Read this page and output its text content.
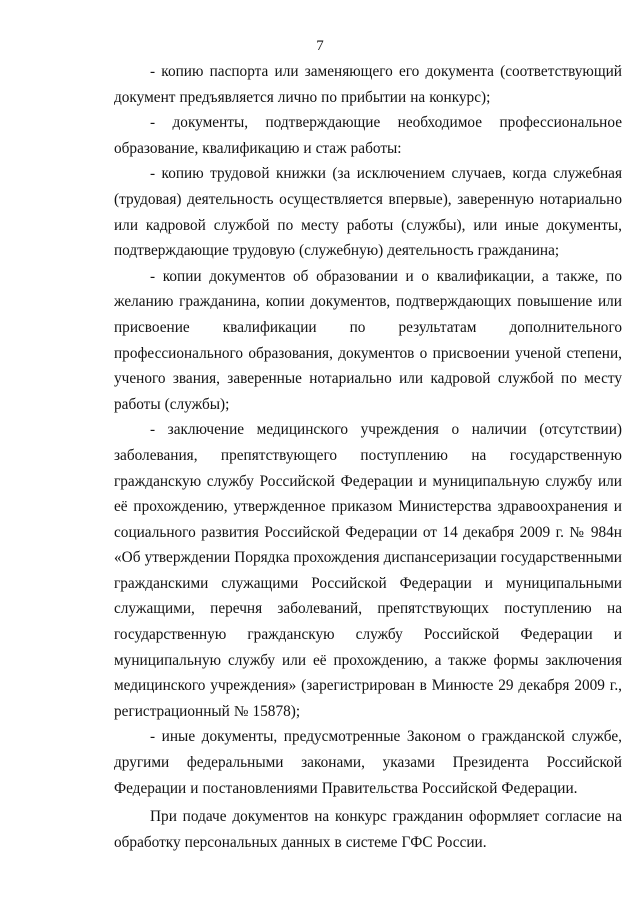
7

- копию паспорта или заменяющего его документа (соответствующий документ предъявляется лично по прибытии на конкурс);

- документы, подтверждающие необходимое профессиональное образование, квалификацию и стаж работы:

- копию трудовой книжки (за исключением случаев, когда служебная (трудовая) деятельность осуществляется впервые), заверенную нотариально или кадровой службой по месту работы (службы), или иные документы, подтверждающие трудовую (служебную) деятельность гражданина;

- копии документов об образовании и о квалификации, а также, по желанию гражданина, копии документов, подтверждающих повышение или присвоение квалификации по результатам дополнительного профессионального образования, документов о присвоении ученой степени, ученого звания, заверенные нотариально или кадровой службой по месту работы (службы);

- заключение медицинского учреждения о наличии (отсутствии) заболевания, препятствующего поступлению на государственную гражданскую службу Российской Федерации и муниципальную службу или её прохождению, утвержденное приказом Министерства здравоохранения и социального развития Российской Федерации от 14 декабря 2009 г. № 984н «Об утверждении Порядка прохождения диспансеризации государственными гражданскими служащими Российской Федерации и муниципальными служащими, перечня заболеваний, препятствующих поступлению на государственную гражданскую службу Российской Федерации и муниципальную службу или её прохождению, а также формы заключения медицинского учреждения» (зарегистрирован в Минюсте 29 декабря 2009 г., регистрационный № 15878);

- иные документы, предусмотренные Законом о гражданской службе, другими федеральными законами, указами Президента Российской Федерации и постановлениями Правительства Российской Федерации.

При подаче документов на конкурс гражданин оформляет согласие на обработку персональных данных в системе ГФС России.
